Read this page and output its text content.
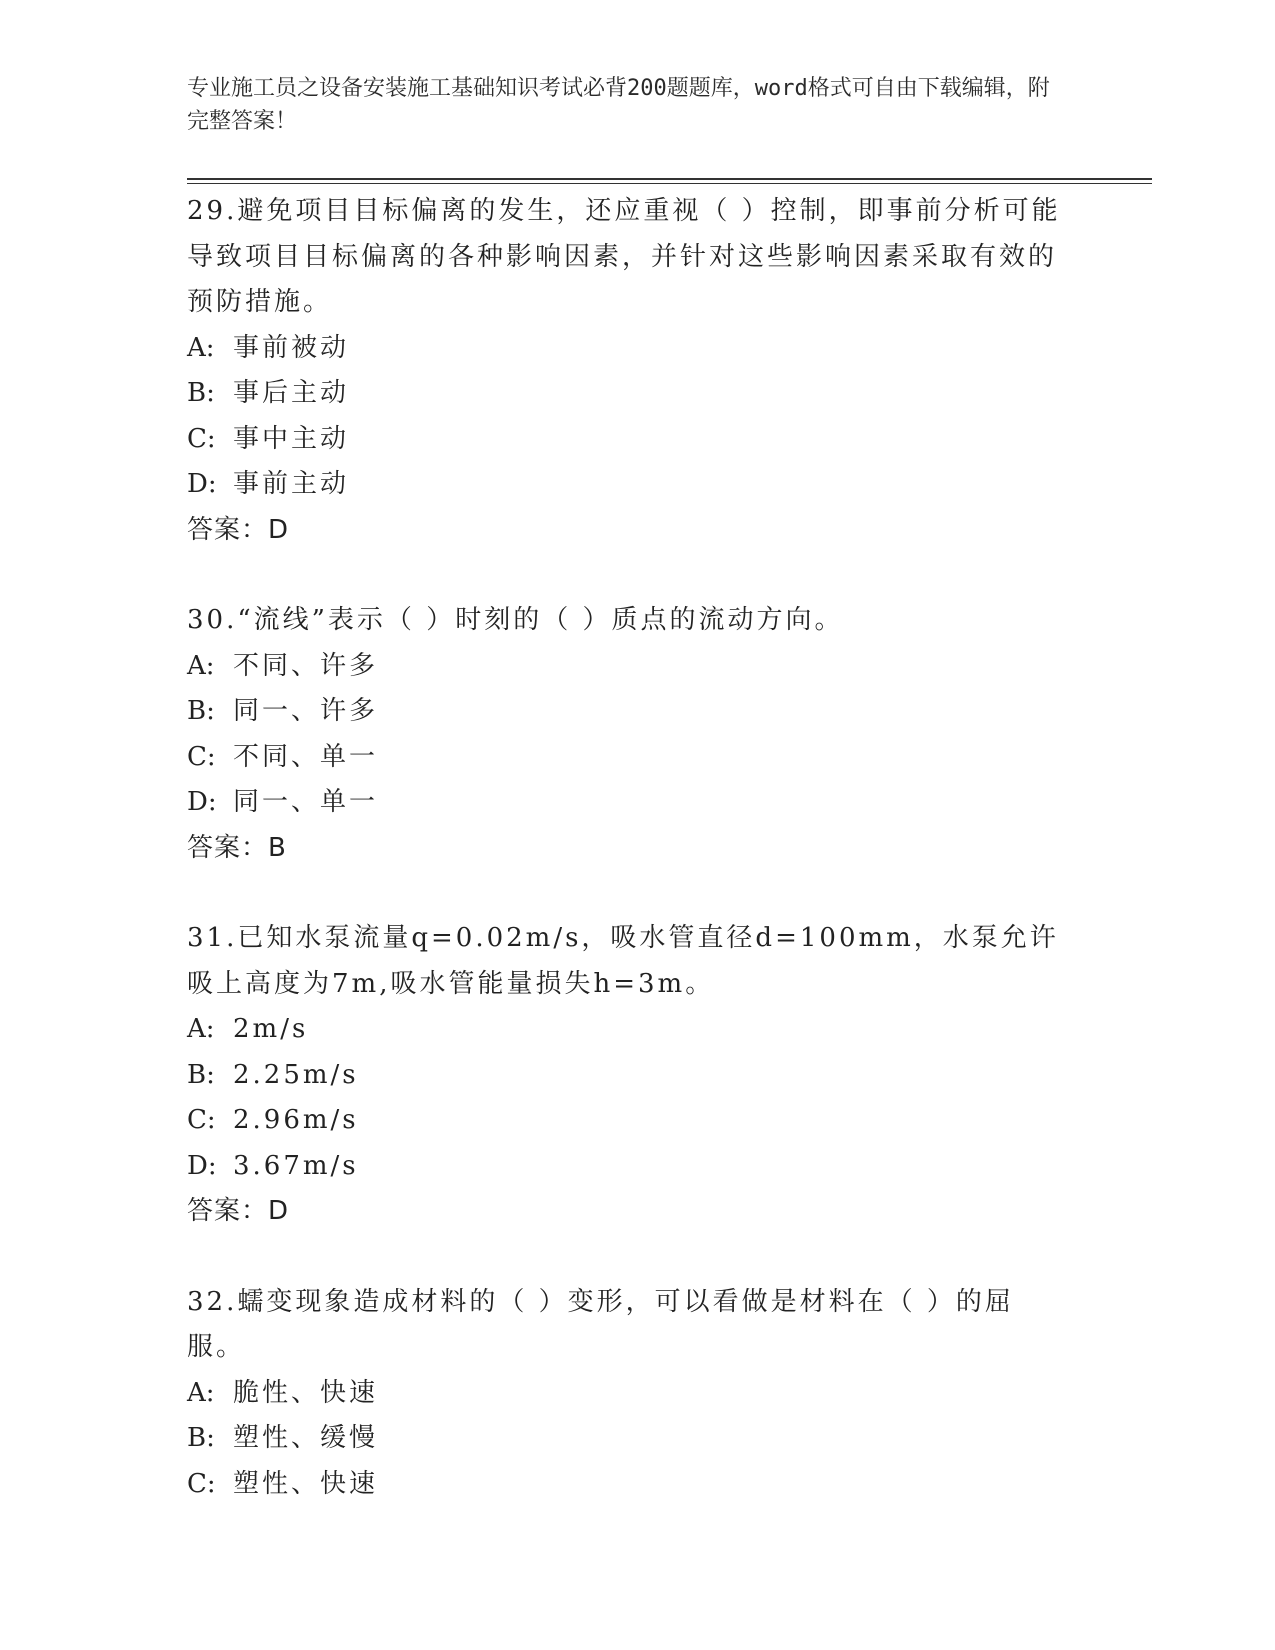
专业施工员之设备安装施工基础知识考试必背200题题库，word格式可自由下载编辑，附完整答案！
29.避免项目目标偏离的发生，还应重视（ ）控制，即事前分析可能导致项目目标偏离的各种影响因素，并针对这些影响因素采取有效的预防措施。
A: 事前被动
B: 事后主动
C: 事中主动
D: 事前主动
答案：D
30.“流线”表示（ ）时刻的（ ）质点的流动方向。
A: 不同、许多
B: 同一、许多
C: 不同、单一
D: 同一、单一
答案：B
31.已知水泵流量q=0.02m/s，吸水管直径d=100mm，水泵允许吸上高度为7m,吸水管能量损失h=3m。
A: 2m/s
B: 2.25m/s
C: 2.96m/s
D: 3.67m/s
答案：D
32.蠕变现象造成材料的（ ）变形，可以看做是材料在（ ）的屈服。
A: 脆性、快速
B: 塑性、缓慢
C: 塑性、快速
